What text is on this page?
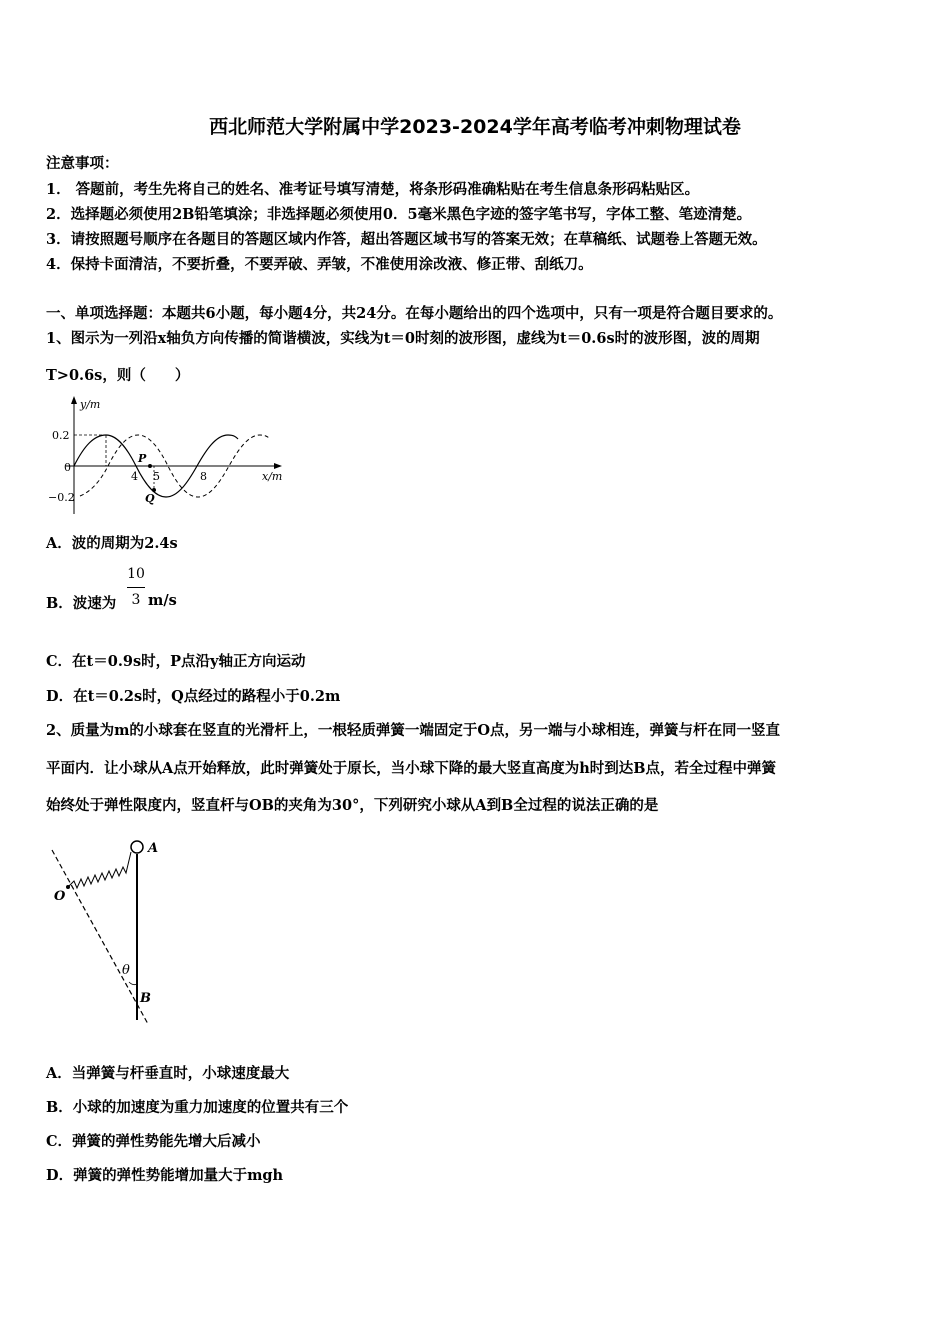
西北师范大学附属中学2023-2024学年高考临考冲刺物理试卷
注意事项：
1． 答题前，考生先将自己的姓名、准考证号填写清楚，将条形码准确粘贴在考生信息条形码粘贴区。
2．选择题必须使用2B铅笔填涂；非选择题必须使用0．5毫米黑色字迹的签字笔书写，字体工整、笔迹清楚。
3．请按照题号顺序在各题目的答题区域内作答，超出答题区域书写的答案无效；在草稿纸、试题卷上答题无效。
4．保持卡面清洁，不要折叠，不要弄破、弄皱，不准使用涂改液、修正带、刮纸刀。
一、单项选择题：本题共6小题，每小题4分，共24分。在每小题给出的四个选项中，只有一项是符合题目要求的。
1、图示为一列沿x轴负方向传播的简谐横波，实线为t＝0时刻的波形图，虚线为t＝0.6s时的波形图，波的周期
T>0.6s，则（　　）
y/m
x/m
0.2
0
−0.2
P
Q
4 5	8
A．波的周期为2.4s
B．波速为
10
3 m/s
C．在t＝0.9s时，P点沿y轴正方向运动
D．在t＝0.2s时，Q点经过的路程小于0.2m
2、质量为m的小球套在竖直的光滑杆上，一根轻质弹簧一端固定于O点，另一端与小球相连，弹簧与杆在同一竖直
平面内．让小球从A点开始释放，此时弹簧处于原长，当小球下降的最大竖直高度为h时到达B点，若全过程中弹簧
始终处于弹性限度内，竖直杆与OB的夹角为30°，下列研究小球从A到B全过程的说法正确的是
A
O
θ
B
A．当弹簧与杆垂直时，小球速度最大
B．小球的加速度为重力加速度的位置共有三个
C．弹簧的弹性势能先增大后减小
D．弹簧的弹性势能增加量大于mgh
